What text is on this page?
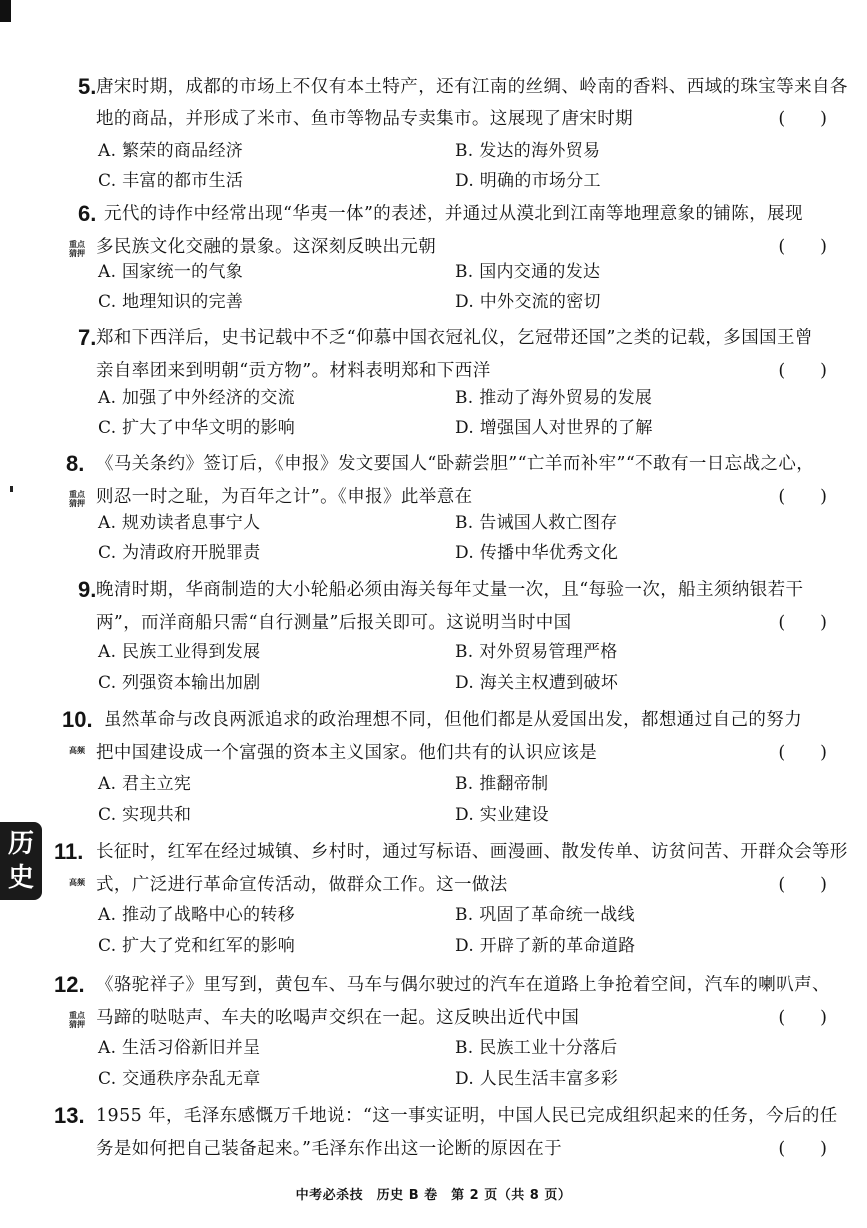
5. 唐宋时期，成都的市场上不仅有本土特产，还有江南的丝绸、岭南的香料、西域的珠宝等来自各
地的商品，并形成了米市、鱼市等物品专卖集市。这展现了唐宋时期	(　　)
A. 繁荣的商品经济	B. 发达的海外贸易
C. 丰富的都市生活	D. 明确的市场分工
6. 元代的诗作中经常出现“华夷一体”的表述，并通过从漠北到江南等地理意象的铺陈，展现
多民族文化交融的景象。这深刻反映出元朝	(　　)
重点
猜押
A. 国家统一的气象	B. 国内交通的发达
C. 地理知识的完善	D. 中外交流的密切
7. 郑和下西洋后，史书记载中不乏“仰慕中国衣冠礼仪，乞冠带还国”之类的记载，多国国王曾
亲自率团来到明朝“贡方物”。材料表明郑和下西洋	(　　)
A. 加强了中外经济的交流	B. 推动了海外贸易的发展
C. 扩大了中华文明的影响	D. 增强国人对世界的了解
8. 《马关条约》签订后，《申报》发文要国人“卧薪尝胆”“亡羊而补牢”“不敢有一日忘战之心，
则忍一时之耻，为百年之计”。《申报》此举意在	(　　)
重点
猜押
A. 规劝读者息事宁人	B. 告诫国人救亡图存
C. 为清政府开脱罪责	D. 传播中华优秀文化
9. 晚清时期，华商制造的大小轮船必须由海关每年丈量一次，且“每验一次，船主须纳银若干
两”，而洋商船只需“自行测量”后报关即可。这说明当时中国	(　　)
A. 民族工业得到发展	B. 对外贸易管理严格
C. 列强资本输出加剧	D. 海关主权遭到破坏
10. 虽然革命与改良两派追求的政治理想不同，但他们都是从爱国出发，都想通过自己的努力
把中国建设成一个富强的资本主义国家。他们共有的认识应该是	(　　)
高频
A. 君主立宪	B. 推翻帝制
C. 实现共和	D. 实业建设
11. 长征时，红军在经过城镇、乡村时，通过写标语、画漫画、散发传单、访贫问苦、开群众会等形
式，广泛进行革命宣传活动，做群众工作。这一做法	(　　)
高频
A. 推动了战略中心的转移	B. 巩固了革命统一战线
C. 扩大了党和红军的影响	D. 开辟了新的革命道路
12. 《骆驼祥子》里写到，黄包车、马车与偶尔驶过的汽车在道路上争抢着空间，汽车的喇叭声、
马蹄的哒哒声、车夫的吆喝声交织在一起。这反映出近代中国	(　　)
重点
猜押
A. 生活习俗新旧并呈	B. 民族工业十分落后
C. 交通秩序杂乱无章	D. 人民生活丰富多彩
13. 1955 年，毛泽东感慨万千地说：“这一事实证明，中国人民已完成组织起来的任务，今后的任
务是如何把自己装备起来。”毛泽东作出这一论断的原因在于	(　　)
历史
中考必杀技　历史 B 卷　第 2 页（共 8 页）
